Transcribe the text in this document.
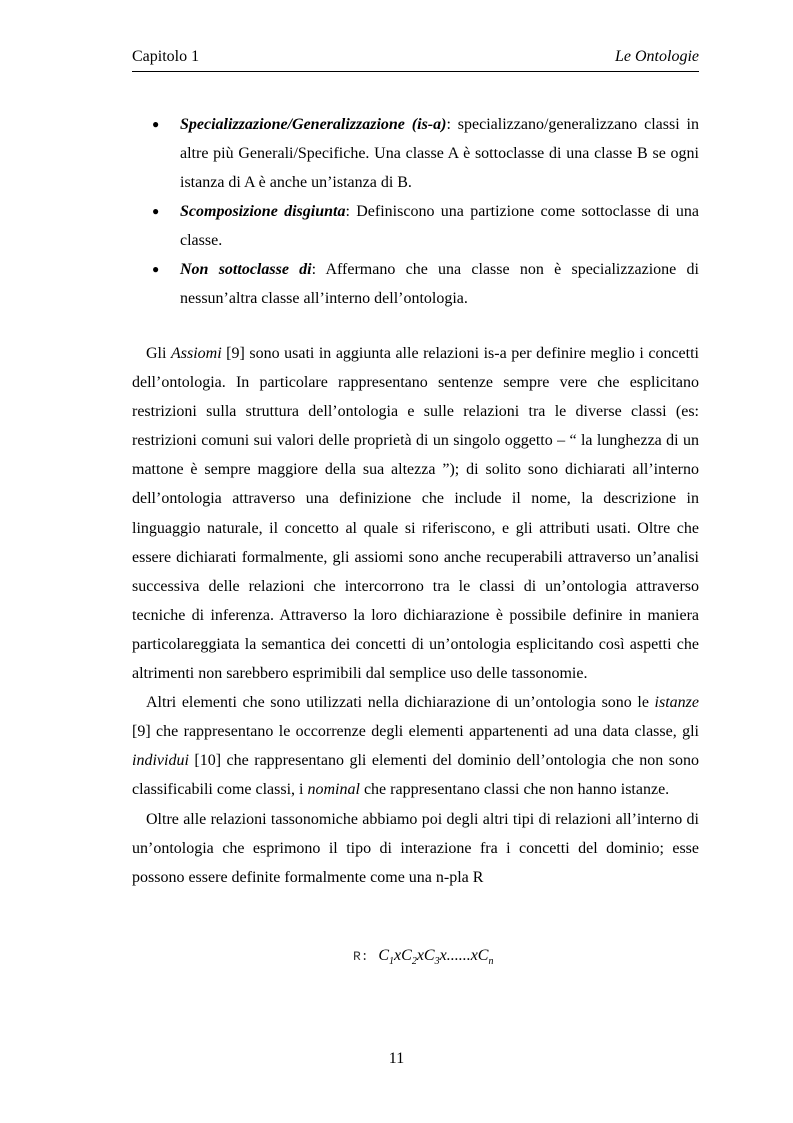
Capitolo 1	Le Ontologie
● Specializzazione/Generalizzazione (is-a): specializzano/generalizzano classi in altre più Generali/Specifiche. Una classe A è sottoclasse di una classe B se ogni istanza di A è anche un’istanza di B.
● Scomposizione disgiunta: Definiscono una partizione come sottoclasse di una classe.
● Non sottoclasse di: Affermano che una classe non è specializzazione di nessun’altra classe all’interno dell’ontologia.

Gli Assiomi [9] sono usati in aggiunta alle relazioni is-a per definire meglio i concetti dell’ontologia. In particolare rappresentano sentenze sempre vere che esplicitano restrizioni sulla struttura dell’ontologia e sulle relazioni tra le diverse classi (es: restrizioni comuni sui valori delle proprietà di un singolo oggetto – “ la lunghezza di un mattone è sempre maggiore della sua altezza ”); di solito sono dichiarati all’interno dell’ontologia attraverso una definizione che include il nome, la descrizione in linguaggio naturale, il concetto al quale si riferiscono, e gli attributi usati. Oltre che essere dichiarati formalmente, gli assiomi sono anche recuperabili attraverso un’analisi successiva delle relazioni che intercorrono tra le classi di un’ontologia attraverso tecniche di inferenza. Attraverso la loro dichiarazione è possibile definire in maniera particolareggiata la semantica dei concetti di un’ontologia esplicitando così aspetti che altrimenti non sarebbero esprimibili dal semplice uso delle tassonomie.

Altri elementi che sono utilizzati nella dichiarazione di un’ontologia sono le istanze [9] che rappresentano le occorrenze degli elementi appartenenti ad una data classe, gli individui [10] che rappresentano gli elementi del dominio dell’ontologia che non sono classificabili come classi, i nominal che rappresentano classi che non hanno istanze.

Oltre alle relazioni tassonomiche abbiamo poi degli altri tipi di relazioni all’interno di un’ontologia che esprimono il tipo di interazione fra i concetti del dominio; esse possono essere definite formalmente come una n-pla R

R: $C_1xC_2xC_3x......xC_n$
11
